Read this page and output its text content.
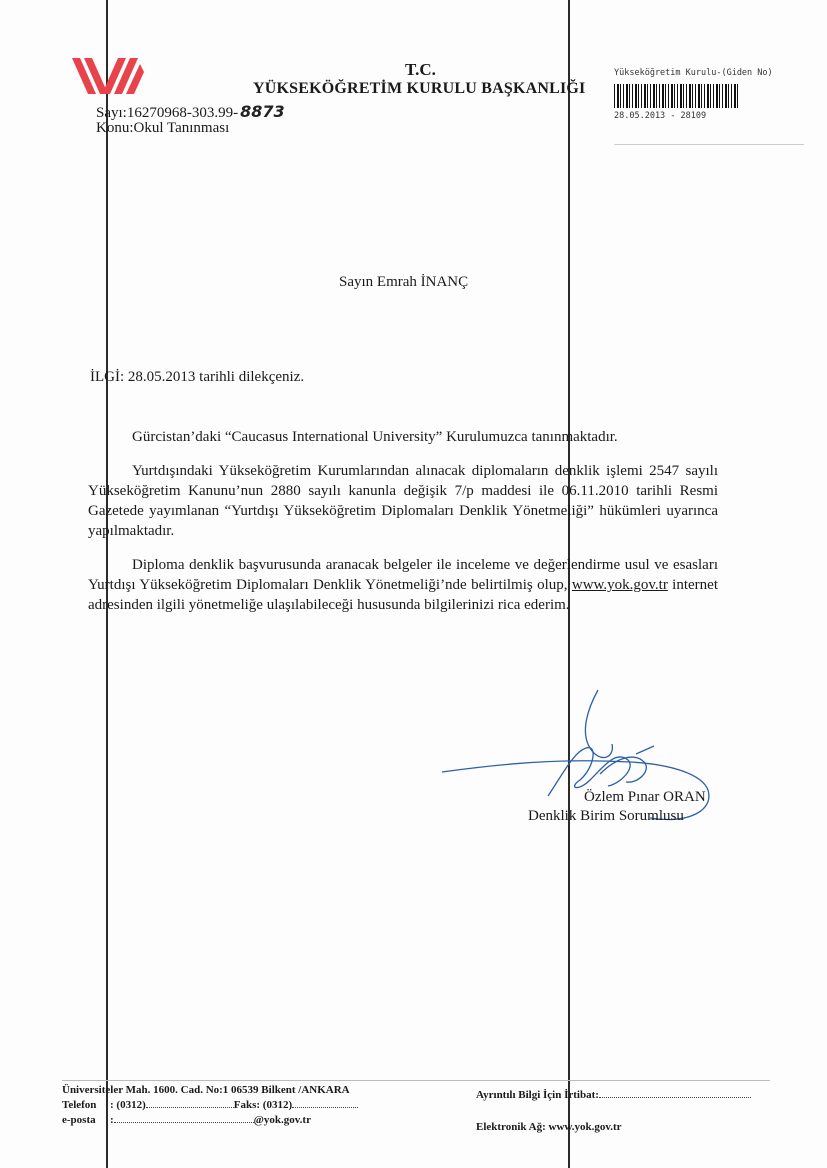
T.C.
YÜKSEKÖĞRETİM KURULU BAŞKANLIĞI
Sayı:16270968-303.99- 8873
Konu:Okul Tanınması
Yükseköğretim Kurulu-(Giden No)
28.05.2013 - 28109
Sayın Emrah İNANÇ
İLGİ: 28.05.2013 tarihli dilekçeniz.
Gürcistan’daki “Caucasus International University” Kurulumuzca tanınmaktadır.
Yurtdışındaki Yükseköğretim Kurumlarından alınacak diplomaların denklik işlemi 2547 sayılı Yükseköğretim Kanunu’nun 2880 sayılı kanunla değişik 7/p maddesi ile 06.11.2010 tarihli Resmi Gazetede yayımlanan “Yurtdışı Yükseköğretim Diplomaları Denklik Yönetmeliği” hükümleri uyarınca yapılmaktadır.
Diploma denklik başvurusunda aranacak belgeler ile inceleme ve değerlendirme usul ve esasları Yurtdışı Yükseköğretim Diplomaları Denklik Yönetmeliği’nde belirtilmiş olup, www.yok.gov.tr internet adresinden ilgili yönetmeliğe ulaşılabileceği hususunda bilgilerinizi rica ederim.
Özlem Pınar ORAN
Denklik Birim Sorumlusu
Üniversiteler Mah. 1600. Cad. No:1 06539 Bilkent /ANKARA
Telefon : (0312)	Faks: (0312)
e-posta :	@yok.gov.tr
Ayrıntılı Bilgi İçin İrtibat:
Elektronik Ağ: www.yok.gov.tr
